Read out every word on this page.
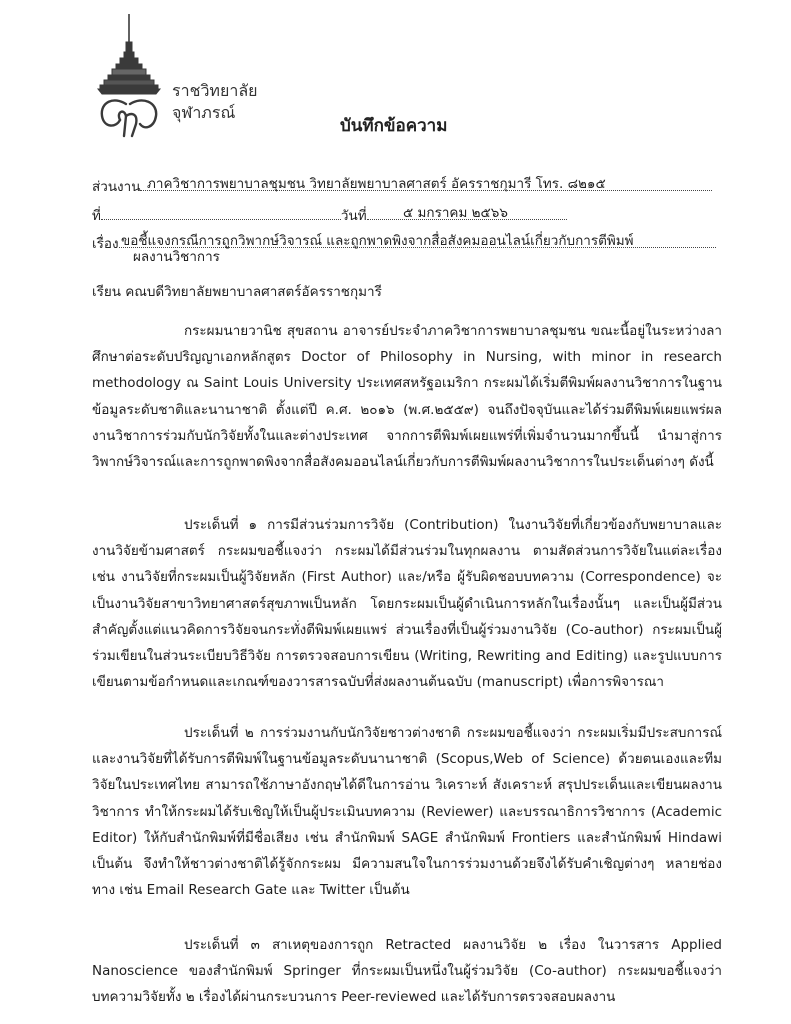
ราชวิทยาลัย
จุฬาภรณ์
บันทึกข้อความ
ส่วนงาน ภาควิชาการพยาบาลชุมชน วิทยาลัยพยาบาลศาสตร์ อัครราชกุมารี โทร. ๘๒๑๕
ที่	วันที่	๕ มกราคม ๒๕๖๖
เรื่อง ขอชี้แจงกรณีการถูกวิพากษ์วิจารณ์ และถูกพาดพิงจากสื่อสังคมออนไลน์เกี่ยวกับการตีพิมพ์
ผลงานวิชาการ
เรียน คณบดีวิทยาลัยพยาบาลศาสตร์อัครราชกุมารี
กระผมนายวานิช สุขสถาน อาจารย์ประจำภาควิชาการพยาบาลชุมชน ขณะนี้อยู่ในระหว่างลาศึกษาต่อระดับปริญญาเอกหลักสูตร Doctor of Philosophy in Nursing, with minor in research methodology ณ Saint Louis University ประเทศสหรัฐอเมริกา กระผมได้เริ่มตีพิมพ์ผลงานวิชาการในฐานข้อมูลระดับชาติและนานาชาติ ตั้งแต่ปี ค.ศ. ๒๐๑๖ (พ.ศ.๒๕๕๙) จนถึงปัจจุบันและได้ร่วมตีพิมพ์เผยแพร่ผลงานวิชาการร่วมกับนักวิจัยทั้งในและต่างประเทศ จากการตีพิมพ์เผยแพร่ที่เพิ่มจำนวนมากขึ้นนี้ นำมาสู่การวิพากษ์วิจารณ์และการถูกพาดพิงจากสื่อสังคมออนไลน์เกี่ยวกับการตีพิมพ์ผลงานวิชาการในประเด็นต่างๆ ดังนี้
ประเด็นที่ ๑ การมีส่วนร่วมการวิจัย (Contribution) ในงานวิจัยที่เกี่ยวข้องกับพยาบาลและงานวิจัยข้ามศาสตร์ กระผมขอชี้แจงว่า กระผมได้มีส่วนร่วมในทุกผลงาน ตามสัดส่วนการวิจัยในแต่ละเรื่อง เช่น งานวิจัยที่กระผมเป็นผู้วิจัยหลัก (First Author) และ/หรือ ผู้รับผิดชอบบทความ (Correspondence) จะเป็นงานวิจัยสาขาวิทยาศาสตร์สุขภาพเป็นหลัก โดยกระผมเป็นผู้ดำเนินการหลักในเรื่องนั้นๆ และเป็นผู้มีส่วนสำคัญตั้งแต่แนวคิดการวิจัยจนกระทั่งตีพิมพ์เผยแพร่ ส่วนเรื่องที่เป็นผู้ร่วมงานวิจัย (Co-author) กระผมเป็นผู้ร่วมเขียนในส่วนระเบียบวิธีวิจัย การตรวจสอบการเขียน (Writing, Rewriting and Editing) และรูปแบบการเขียนตามข้อกำหนดและเกณฑ์ของวารสารฉบับที่ส่งผลงานต้นฉบับ (manuscript) เพื่อการพิจารณา
ประเด็นที่ ๒ การร่วมงานกับนักวิจัยชาวต่างชาติ กระผมขอชี้แจงว่า กระผมเริ่มมีประสบการณ์และงานวิจัยที่ได้รับการตีพิมพ์ในฐานข้อมูลระดับนานาชาติ (Scopus,Web of Science) ด้วยตนเองและทีมวิจัยในประเทศไทย สามารถใช้ภาษาอังกฤษได้ดีในการอ่าน วิเคราะห์ สังเคราะห์ สรุปประเด็นและเขียนผลงานวิชาการ ทำให้กระผมได้รับเชิญให้เป็นผู้ประเมินบทความ (Reviewer) และบรรณาธิการวิชาการ (Academic Editor) ให้กับสำนักพิมพ์ที่มีชื่อเสียง เช่น สำนักพิมพ์ SAGE สำนักพิมพ์ Frontiers และสำนักพิมพ์ Hindawi เป็นต้น จึงทำให้ชาวต่างชาติได้รู้จักกระผม มีความสนใจในการร่วมงานด้วยจึงได้รับคำเชิญต่างๆ หลายช่องทาง เช่น Email Research Gate และ Twitter เป็นต้น
ประเด็นที่ ๓ สาเหตุของการถูก Retracted ผลงานวิจัย ๒ เรื่อง ในวารสาร Applied Nanoscience ของสำนักพิมพ์ Springer ที่กระผมเป็นหนึ่งในผู้ร่วมวิจัย (Co-author) กระผมขอชี้แจงว่า บทความวิจัยทั้ง ๒ เรื่องได้ผ่านกระบวนการ Peer-reviewed และได้รับการตรวจสอบผลงาน
